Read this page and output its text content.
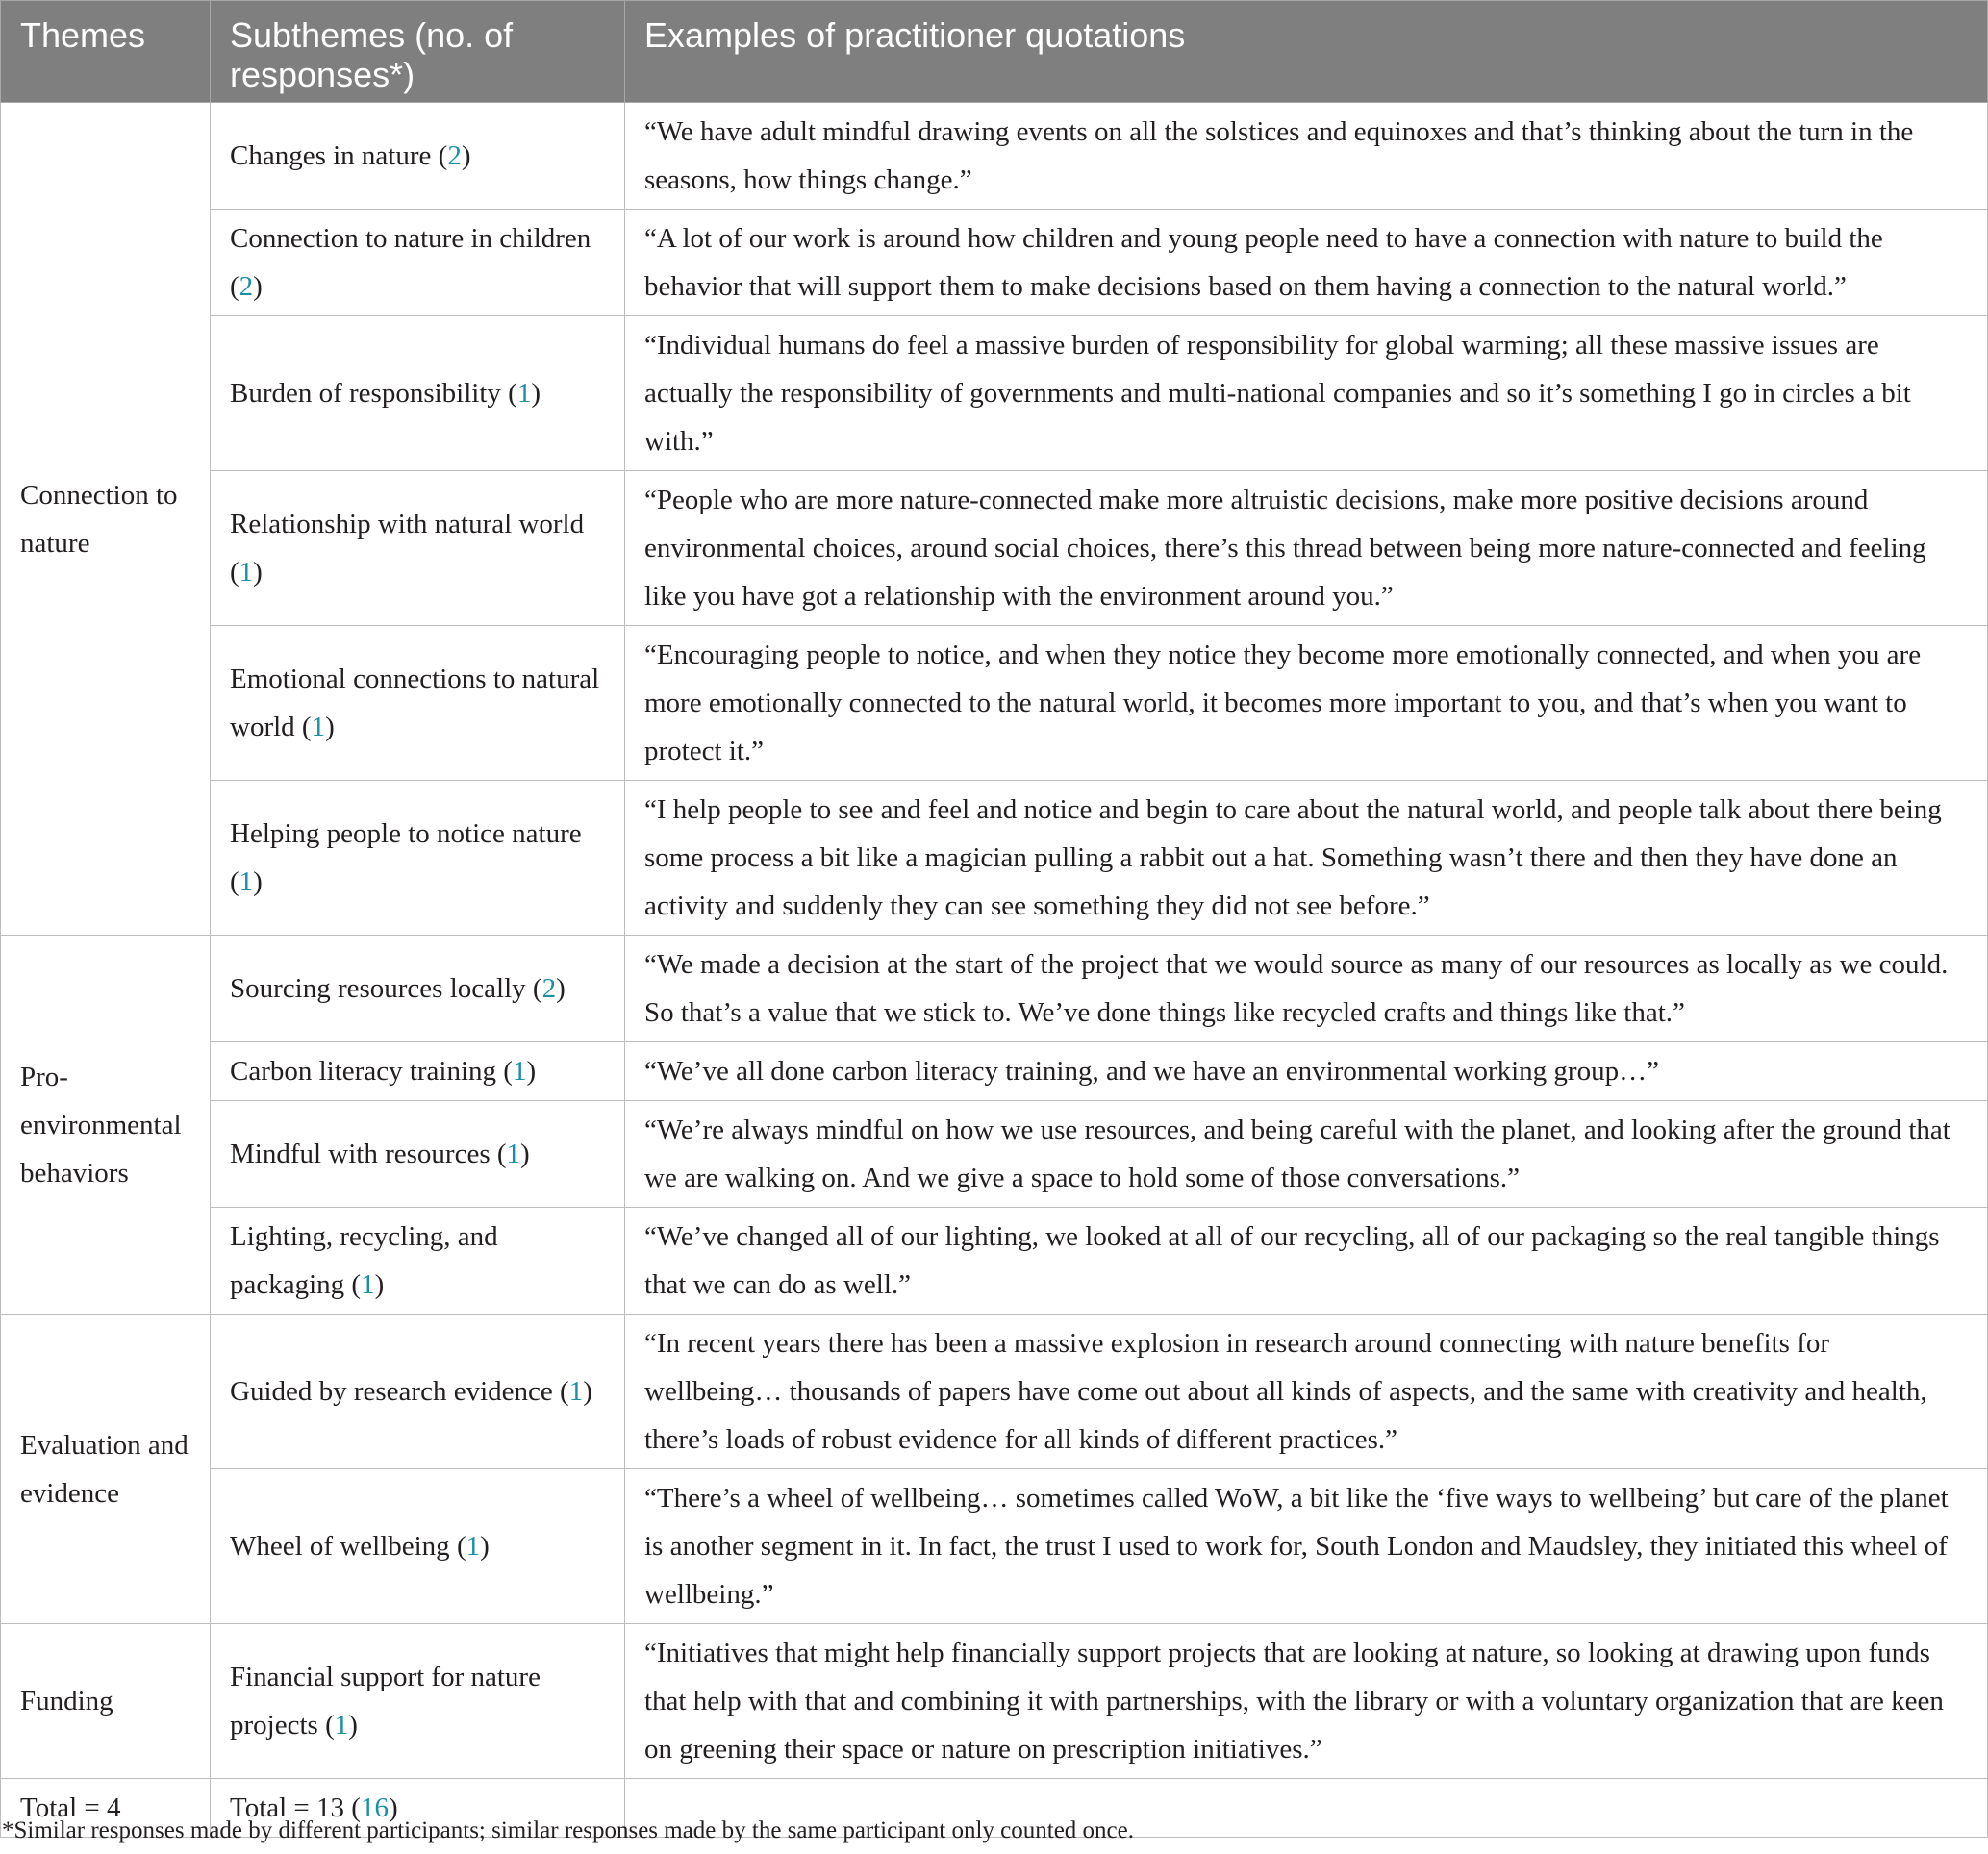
Themes	Subthemes (no. of responses*)	Examples of practitioner quotations
Connection to nature	Changes in nature (2)	“We have adult mindful drawing events on all the solstices and equinoxes and that’s thinking about the turn in the seasons, how things change.”
	Connection to nature in children (2)	“A lot of our work is around how children and young people need to have a connection with nature to build the behavior that will support them to make decisions based on them having a connection to the natural world.”
	Burden of responsibility (1)	“Individual humans do feel a massive burden of responsibility for global warming; all these massive issues are actually the responsibility of governments and multi-national companies and so it’s something I go in circles a bit with.”
	Relationship with natural world (1)	“People who are more nature-connected make more altruistic decisions, make more positive decisions around environmental choices, around social choices, there’s this thread between being more nature-connected and feeling like you have got a relationship with the environment around you.”
	Emotional connections to natural world (1)	“Encouraging people to notice, and when they notice they become more emotionally connected, and when you are more emotionally connected to the natural world, it becomes more important to you, and that’s when you want to protect it.”
	Helping people to notice nature (1)	“I help people to see and feel and notice and begin to care about the natural world, and people talk about there being some process a bit like a magician pulling a rabbit out a hat. Something wasn’t there and then they have done an activity and suddenly they can see something they did not see before.”
Pro-environmental behaviors	Sourcing resources locally (2)	“We made a decision at the start of the project that we would source as many of our resources as locally as we could. So that’s a value that we stick to. We’ve done things like recycled crafts and things like that.”
	Carbon literacy training (1)	“We’ve all done carbon literacy training, and we have an environmental working group…”
	Mindful with resources (1)	“We’re always mindful on how we use resources, and being careful with the planet, and looking after the ground that we are walking on. And we give a space to hold some of those conversations.”
	Lighting, recycling, and packaging (1)	“We’ve changed all of our lighting, we looked at all of our recycling, all of our packaging so the real tangible things that we can do as well.”
Evaluation and evidence	Guided by research evidence (1)	“In recent years there has been a massive explosion in research around connecting with nature benefits for wellbeing… thousands of papers have come out about all kinds of aspects, and the same with creativity and health, there’s loads of robust evidence for all kinds of different practices.”
	Wheel of wellbeing (1)	“There’s a wheel of wellbeing… sometimes called WoW, a bit like the ‘five ways to wellbeing’ but care of the planet is another segment in it. In fact, the trust I used to work for, South London and Maudsley, they initiated this wheel of wellbeing.”
Funding	Financial support for nature projects (1)	“Initiatives that might help financially support projects that are looking at nature, so looking at drawing upon funds that help with that and combining it with partnerships, with the library or with a voluntary organization that are keen on greening their space or nature on prescription initiatives.”
Total = 4	Total = 13 (16)	
*Similar responses made by different participants; similar responses made by the same participant only counted once.
